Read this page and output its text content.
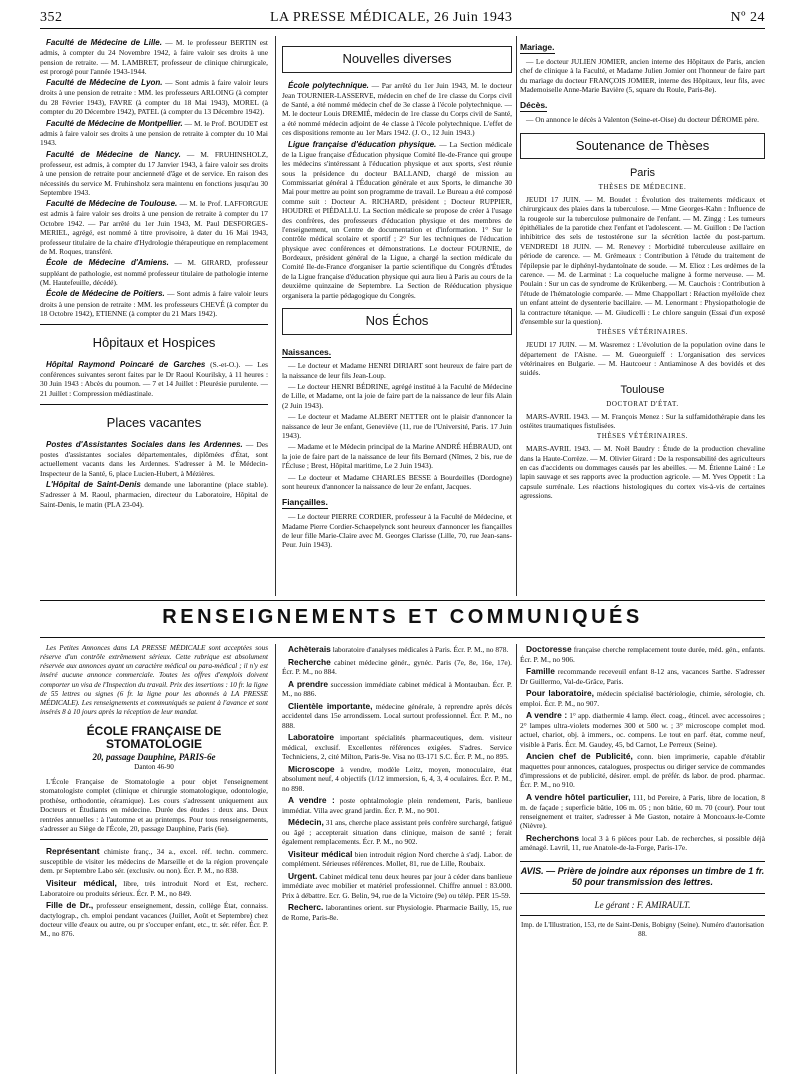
352	LA PRESSE MÉDICALE, 26 Juin 1943	Nº 24

Faculté de Médecine de Lille. — M. le professeur BERTIN est admis, à compter du 24 Novembre 1942, à faire valoir ses droits à une pension de retraite. — M. LAMBRET, professeur de clinique chirurgicale, est prorogé pour l'année 1943-1944.

Faculté de Médecine de Lyon. — Sont admis à faire valoir leurs droits à une pension de retraite : MM. les professeurs ARLOING (à compter du 28 Février 1943), FAVRE (à compter du 18 Mai 1943), MOREL (à compter du 20 Décembre 1942), PATEL (à compter du 13 Décembre 1942).

Faculté de Médecine de Montpellier. — M. le Prof. BOUDET est admis à faire valoir ses droits à une pension de retraite à compter du 10 Mai 1943.

Faculté de Médecine de Nancy. — M. FRUHINSHOLZ, professeur, est admis, à compter du 17 Janvier 1943, à faire valoir ses droits à une pension de retraite pour ancienneté d'âge et de service. En raison des nécessités du service M. Fruhinsholz sera maintenu en fonctions jusqu'au 30 Septembre 1943.

Faculté de Médecine de Toulouse. — M. le Prof. LAFFORGUE est admis à faire valoir ses droits à une pension de retraite à compter du 17 Octobre 1942. — Par arrêté du 1er Juin 1943, M. Paul DESFORGES-MERIEL, agrégé, est nommé à titre provisoire, à dater du 16 Mai 1943, professeur titulaire de la chaire d'Hydrologie thérapeutique en remplacement de M. Roques, transféré.

École de Médecine d'Amiens. — M. GIRARD, professeur suppléant de pathologie, est nommé professeur titulaire de pathologie interne (M. Hautefeuille, décédé).

École de Médecine de Poitiers. — Sont admis à faire valoir leurs droits à une pension de retraite : MM. les professeurs CHEVÉ (à compter du 18 Octobre 1942), ETIENNE (à compter du 21 Mars 1942).

Hôpitaux et Hospices

Hôpital Raymond Poincaré de Garches (S.-et-O.). — Les conférences suivantes seront faites par le Dr Raoul Kourilsky, à 11 heures : 30 Juin 1943 : Abcès du poumon. — 7 et 14 Juillet : Pleurésie purulente. — 21 Juillet : Compression médiastinale.

Places vacantes

Postes d'Assistantes Sociales dans les Ardennes. — Des postes d'assistantes sociales départementales, diplômées d'État, sont actuellement vacants dans les Ardennes. S'adresser à M. le Médecin-Inspecteur de la Santé, 6, place Lucien-Hubert, à Mézières.

L'Hôpital de Saint-Denis demande une laborantine (place stable). S'adresser à M. Raoul, pharmacien, directeur du Laboratoire, Hôpital de Saint-Denis, le matin (PLA 23-04).

Nouvelles diverses

École polytechnique. — Par arrêté du 1er Juin 1943, M. le docteur Jean TOURNIER-LASSERVE, médecin en chef de 1re classe du Corps civil de Santé, a été nommé médecin chef de 3e classe à l'école polytechnique. — M. le docteur Louis DREMIÉ, médecin de 1re classe du Corps civil de Santé, a été nommé médecin adjoint de 4e classe à l'école polytechnique. L'effet de ces dispositions remonte au 1er Mars 1942. (J. O., 12 Juin 1943.)

Ligue française d'éducation physique. — La Section médicale de la Ligue française d'Éducation physique Comité Ile-de-France qui groupe les médecins s'intéressant à l'éducation physique et aux sports, s'est réunie sous la présidence du docteur BALLAND, chargé de mission au Commissariat général à l'Éducation générale et aux Sports, le dimanche 30 Mai pour mettre au point son programme de travail. Le Bureau a été composé comme suit : Docteur A. RICHARD, président ; Docteur RUPPIER, HOUDRE et PIÉDALLU. La Section médicale se propose de créer à l'usage des confrères, des professeurs d'éducation physique et des membres de l'enseignement, un Centre de documentation et d'information. 1° Sur le contrôle médical scolaire et sportif ; 2° Sur les techniques de l'éducation physique avec conférences et démonstrations. Le docteur FOURNIE, de Bordeaux, président général de la Ligue, a chargé la section médicale du Comité Ile-de-France d'organiser la partie scientifique du Congrès d'Études de la Ligue française d'éducation physique qui aura lieu à Paris au cours de la deuxième quinzaine de Septembre. La Section de Rééducation physique organisera la partie pédagogique du Congrès.

Nos Échos
Naissances.

— Le docteur et Madame HENRI DIRIART sont heureux de faire part de la naissance de leur fils Jean-Loup.

— Le docteur HENRI BÉDRINE, agrégé institué à la Faculté de Médecine de Lille, et Madame, ont la joie de faire part de la naissance de leur fils Alain (2 Juin 1943).

— Le docteur et Madame ALBERT NETTER ont le plaisir d'annoncer la naissance de leur 3e enfant, Geneviève (11, rue de l'Université, Paris. 17 Juin 1943).

— Madame et le Médecin principal de la Marine ANDRÉ HÉBRAUD, ont la joie de faire part de la naissance de leur fils Bernard (Nîmes, 2 bis, rue de l'Écluse ; Brest, Hôpital maritime, Le 2 Juin 1943).

— Le docteur et Madame CHARLES BESSE à Bourdeilles (Dordogne) sont heureux d'annoncer la naissance de leur 2e enfant, Jacques.

Fiançailles.

— Le docteur PIERRE CORDIER, professeur à la Faculté de Médecine, et Madame Pierre Cordier-Schaepelynck sont heureux d'annoncer les fiançailles de leur fille Marie-Claire avec M. Georges Clarisse (Lille, 70, rue Jean-sans-Peur. Juin 1943).

Mariage.

— Le docteur JULIEN JOMIER, ancien interne des Hôpitaux de Paris, ancien chef de clinique à la Faculté, et Madame Julien Jomier ont l'honneur de faire part du mariage du docteur FRANÇOIS JOMIER, interne des Hôpitaux, leur fils, avec Mademoiselle Anne-Marie Bavière (5, square du Roule, Paris-8e).

Décès.

— On annonce le décès à Valenton (Seine-et-Oise) du docteur DÉROME père.

Soutenance de Thèses
Paris
THÈSES DE MÉDECINE.

JEUDI 17 JUIN. — M. Boudet : Évolution des traitements médicaux et chirurgicaux des plaies dans la tuberculose. — Mme Georges-Kahn : Influence de la rougeole sur la tuberculose pulmonaire de l'enfant. — M. Zingg : Les tumeurs épithéliales de la parotide chez l'enfant et l'adolescent. — M. Guillon : De l'action inhibitrice des sels de testostérone sur la sécrétion lactée du post-partum. VENDREDI 18 JUIN. — M. Renevey : Morbidité tuberculeuse axillaire en période de carence. — M. Grémeaux : Contribution à l'étude du traitement de l'épilepsie par le diphényl-hydantoïnate de soude. — M. Elioz : Les œdèmes de la carence. — M. de Larminat : La coqueluche maligne à forme nerveuse. — M. Poulain : Sur un cas de syndrome de Krükenberg. — M. Cauchois : Contribution à l'étude de l'hématologie comparée. — Mme Chappollart : Réaction myéloïde chez un enfant atteint de dysenterie bacillaire. — M. Lenormant : Physiopathologie de la contracture tétanique. — M. Giudicelli : Le chlore sanguin (Essai d'un exposé d'ensemble sur la question).

THÈSES VÉTÉRINAIRES.

JEUDI 17 JUIN. — M. Wasremez : L'évolution de la population ovine dans le département de l'Aisne. — M. Gueorguieff : L'organisation des services vétérinaires en Bulgarie. — M. Hautcoeur : Antiaminose A des bovidés et des suidés.

Toulouse
DOCTORAT D'ÉTAT.

MARS-AVRIL 1943. — M. François Menez : Sur la sulfamidothérapie dans les ostéites traumatiques fistulisées.

THÈSES VÉTÉRINAIRES.

MARS-AVRIL 1943. — M. Noël Baudry : Étude de la production chevaline dans la Haute-Corrèze. — M. Olivier Girard : De la responsabilité des agriculteurs en cas d'accidents ou dommages causés par les abeilles. — M. Étienne Lainé : Le lapin sauvage et ses rapports avec la production agricole. — M. Yves Oppetit : La capsule surrénale. Les réactions histologiques du cortex vis-à-vis de certaines agressions.

RENSEIGNEMENTS ET COMMUNIQUÉS

Les Petites Annonces dans LA PRESSE MÉDICALE sont acceptées sous réserve d'un contrôle extrêmement sérieux. Cette rubrique est absolument réservée aux annonces ayant un caractère médical ou para-médical ; il n'y est inséré aucune annonce commerciale. Toutes les offres d'emplois doivent comporter un visa de l'Inspection du travail. Prix des insertions : 10 fr. la ligne de 55 lettres ou signes (6 fr. la ligne pour les abonnés à LA PRESSE MÉDICALE). Les renseignements et communiqués se paient à l'avance et sont insérés 8 à 10 jours après la réception de leur mandat.

ÉCOLE FRANÇAISE DE STOMATOLOGIE
20, passage Dauphine, PARIS-6e
Danton 46-90

L'École Française de Stomatologie a pour objet l'enseignement stomatologiste complet (clinique et chirurgie stomatologique, odontologie, prothèse, orthodontie, céramique). Les cours s'adressent uniquement aux Docteurs et Étudiants en médecine. Durée des études : deux ans. Deux rentrées annuelles : à l'automne et au printemps. Pour tous renseignements, s'adresser au Siège de l'École, 20, passage Dauphine, Paris (6e).

Représentant chimiste franç., 34 a., excel. réf. techn. commerc. susceptible de visiter les médecins de Marseille et de la région provençale dem. pr Septembre Labo sér. (exclusiv. ou non). Écr. P. M., no 838.

Visiteur médical, libre, très introduit Nord et Est, recherc. Laboratoire ou produits sérieux. Écr. P. M., no 849.

Fille de Dr., professeur enseignement, dessin, collège État, connaiss. dactylograp., ch. emploi pendant vacances (Juillet, Août et Septembre) chez docteur ville d'eaux ou autre, ou pr s'occuper enfant, etc., tr. sér. réfer. Écr. P. M., no 876.

Achèterais laboratoire d'analyses médicales à Paris. Écr. P. M., no 878.

Recherche cabinet médecine génér., gynéc. Paris (7e, 8e, 16e, 17e). Écr. P. M., no 884.

A prendre succession immédiate cabinet médical à Montauban. Écr. P. M., no 886.

Clientèle importante, médecine générale, à reprendre après décès accidentel dans 15e arrondissem. Local surtout professionnel. Écr. P. M., no 888.

Laboratoire important spécialités pharmaceutiques, dem. visiteur médical, exclusif. Excellentes références exigées. S'adres. Service Techniciens, 2, cité Milton, Paris-9e. Visa no 03-171 S.C. Écr. P. M., no 895.

Microscope à vendre, modèle Leitz, moyen, monoculaire, état absolument neuf, 4 objectifs (1/12 immersion, 6, 4, 3, 4 oculaires. Écr. P. M., no 898.

A vendre : poste ophtalmologie plein rendement, Paris, banlieue immédiat. Villa avec grand jardin. Écr. P. M., no 901.

Médecin, 31 ans, cherche place assistant près confrère surchargé, fatigué ou âgé ; accepterait situation dans clinique, maison de santé ; ferait également remplacements. Écr. P. M., no 902.

Visiteur médical bien introduit région Nord cherche à s'adj. Labor. de complément. Sérieuses références. Mollet, 81, rue de Lille, Roubaix.

Urgent. Cabinet médical tenu deux heures par jour à céder dans banlieue immédiate avec mobilier et matériel professionnel. Chiffre annuel : 83.000. Prix à débattre. Ecr. G. Belin, 94, rue de la Victoire (9e) ou télép. PER 15-59.

Recherc. laborantines orient. sur Physiologie. Pharmacie Bailly, 15, rue de Rome, Paris-8e.

Doctoresse française cherche remplacement toute durée, méd. gén., enfants. Écr. P. M., no 906.

Famille recommande receveuil enfant 8-12 ans, vacances Sarthe. S'adresser Dr Guillermo, Val-de-Grâce, Paris.

Pour laboratoire, médecin spécialisé bactériologie, chimie, sérologie, ch. emploi. Écr. P. M., no 907.

A vendre : 1° app. diathermie 4 lamp. élect. coag., étincel. avec accessoires ; 2° lampes ultra-violets modernes 300 et 500 w. ; 3° microscope complet mod. actuel, chariot, obj. à immers., oc. compens. Le tout en parf. état, comme neuf, visible à Paris. Écr. M. Gaudey, 45, bd Carnot, Le Perreux (Seine).

Ancien chef de Publicité, conn. bien imprimerie, capable d'établir maquettes pour annonces, catalogues, prospectus ou diriger service de commandes d'impressions et de publicité, désirer. empl. de préfér. ds labor. de prod. pharmac. Écr. P. M., no 910.

A vendre hôtel particulier, 111, bd Pereire, à Paris, libre de location, 8 m. de façade ; superficie bâtie, 106 m. 05 ; non bâtie, 60 m. 70 (cour). Pour tout renseignement et traiter, s'adresser à Me Gaston, notaire à Moncoaux-le-Comte (Nièvre).

Recherchons local 3 à 6 pièces pour Lab. de recherches, si possible déjà aménagé. Lavril, 11, rue Anatole-de-la-Forge, Paris-17e.

AVIS. — Prière de joindre aux réponses un timbre de 1 fr. 50 pour transmission des lettres.
Le gérant : F. AMIRAULT.
Imp. de L'Illustration, 153, rte de Saint-Denis, Bobigny (Seine). Numéro d'autorisation 88.
